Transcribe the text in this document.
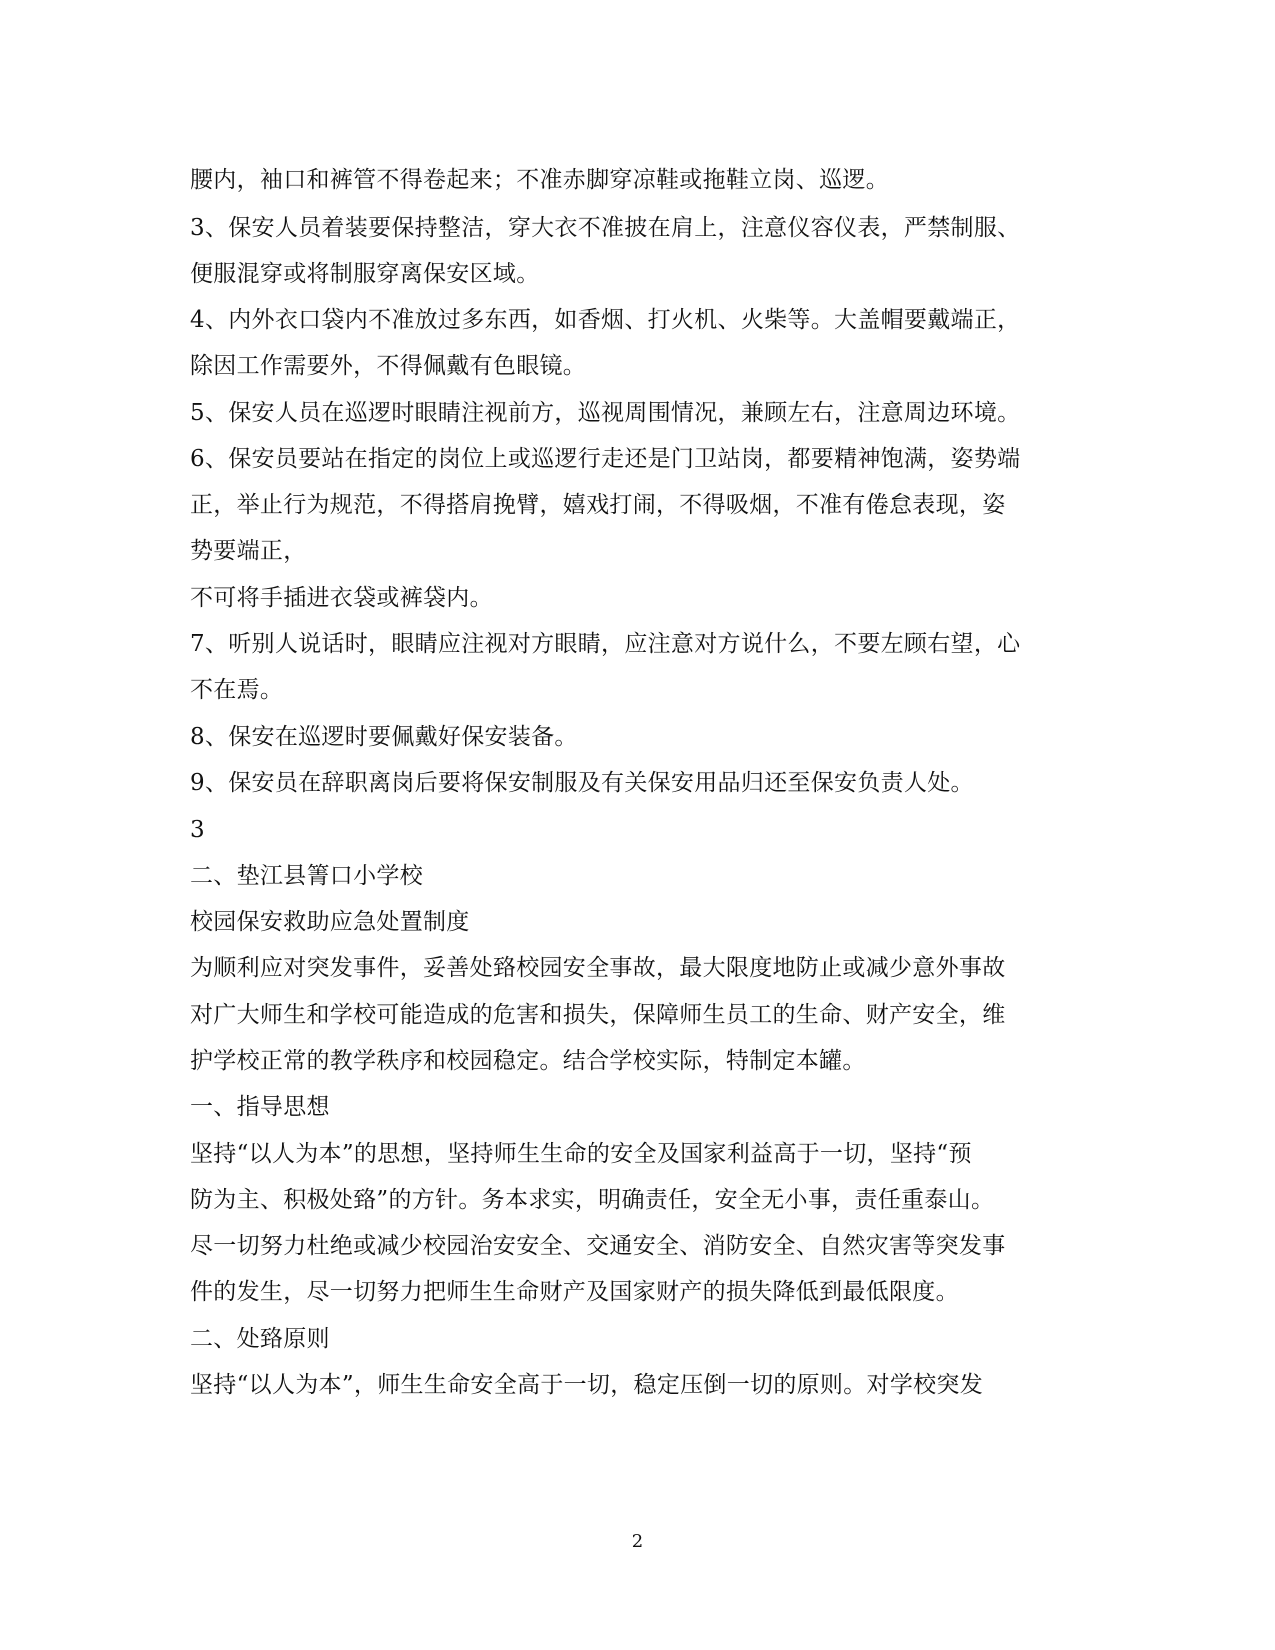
腰内，袖口和裤管不得卷起来；不准赤脚穿凉鞋或拖鞋立岗、巡逻。
3、保安人员着装要保持整洁，穿大衣不准披在肩上，注意仪容仪表，严禁制服、
便服混穿或将制服穿离保安区域。
4、内外衣口袋内不准放过多东西，如香烟、打火机、火柴等。大盖帽要戴端正，
除因工作需要外，不得佩戴有色眼镜。
5、保安人员在巡逻时眼睛注视前方，巡视周围情况，兼顾左右，注意周边环境。
6、保安员要站在指定的岗位上或巡逻行走还是门卫站岗，都要精神饱满，姿势端
正，举止行为规范，不得搭肩挽臂，嬉戏打闹，不得吸烟，不准有倦怠表现，姿
势要端正，
不可将手插进衣袋或裤袋内。
7、听别人说话时，眼睛应注视对方眼睛，应注意对方说什么，不要左顾右望，心
不在焉。
8、保安在巡逻时要佩戴好保安装备。
9、保安员在辞职离岗后要将保安制服及有关保安用品归还至保安负责人处。
3
二、垫江县箐口小学校
校园保安救助应急处置制度
为顺利应对突发事件，妥善处臵校园安全事故，最大限度地防止或减少意外事故
对广大师生和学校可能造成的危害和损失，保障师生员工的生命、财产安全，维
护学校正常的教学秩序和校园稳定。结合学校实际，特制定本罐。
一、指导思想
坚持“以人为本”的思想，坚持师生生命的安全及国家利益高于一切，坚持“预
防为主、积极处臵”的方针。务本求实，明确责任，安全无小事，责任重泰山。
尽一切努力杜绝或减少校园治安安全、交通安全、消防安全、自然灾害等突发事
件的发生，尽一切努力把师生生命财产及国家财产的损失降低到最低限度。
二、处臵原则
坚持“以人为本”，师生生命安全高于一切，稳定压倒一切的原则。对学校突发
2
